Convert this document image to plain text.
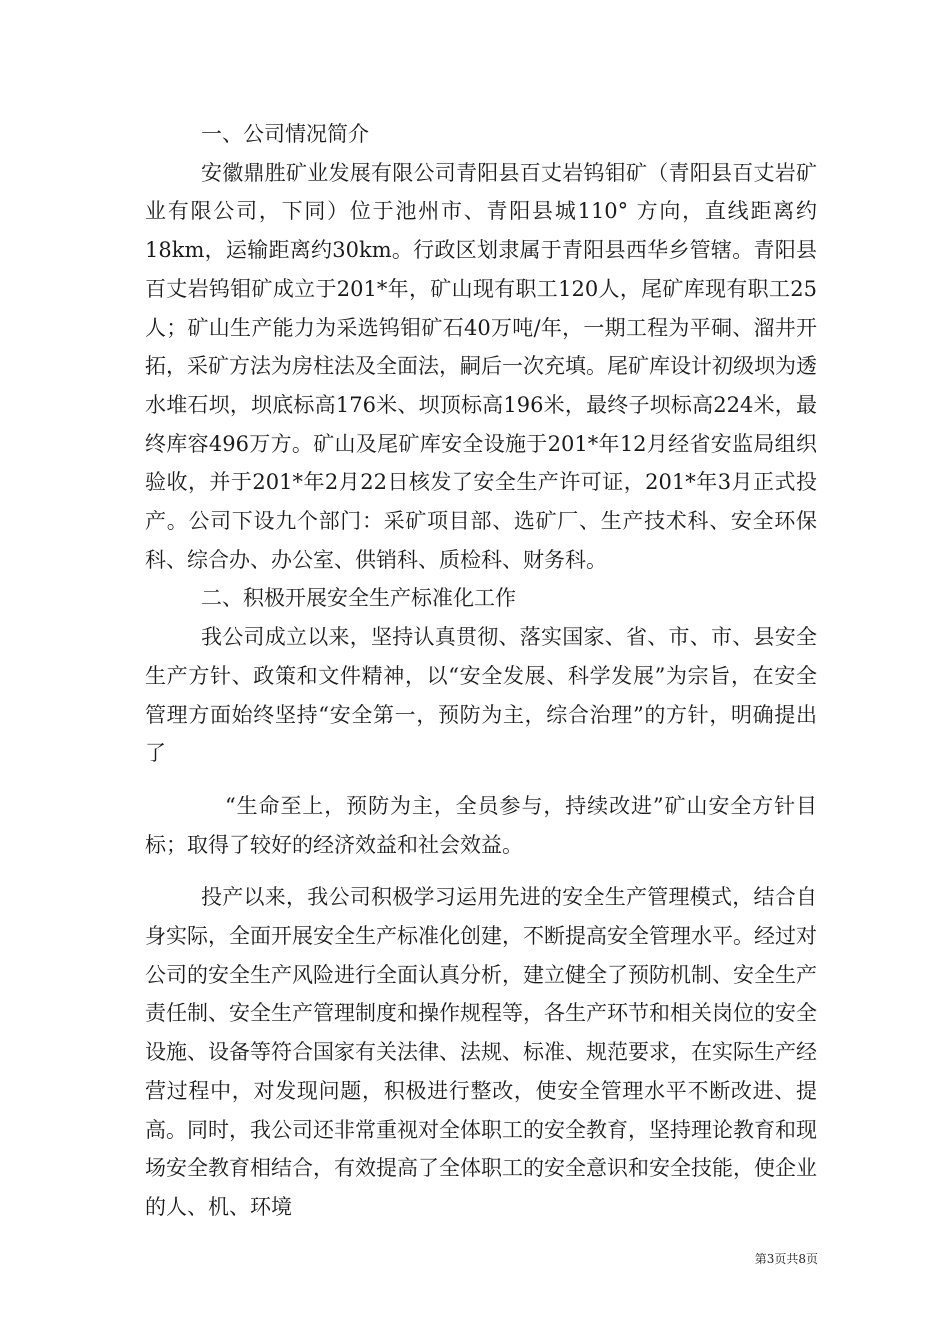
一、公司情况简介

安徽鼎胜矿业发展有限公司青阳县百丈岩钨钼矿（青阳县百丈岩矿业有限公司，下同）位于池州市、青阳县城110° 方向，直线距离约18km，运输距离约30km。行政区划隶属于青阳县西华乡管辖。青阳县百丈岩钨钼矿成立于201*年，矿山现有职工120人，尾矿库现有职工25人；矿山生产能力为采选钨钼矿石40万吨/年，一期工程为平硐、溜井开拓，采矿方法为房柱法及全面法，嗣后一次充填。尾矿库设计初级坝为透水堆石坝，坝底标高176米、坝顶标高196米，最终子坝标高224米，最终库容496万方。矿山及尾矿库安全设施于201*年12月经省安监局组织验收，并于201*年2月22日核发了安全生产许可证，201*年3月正式投产。公司下设九个部门：采矿项目部、选矿厂、生产技术科、安全环保科、综合办、办公室、供销科、质检科、财务科。

二、积极开展安全生产标准化工作

我公司成立以来，坚持认真贯彻、落实国家、省、市、市、县安全生产方针、政策和文件精神，以“安全发展、科学发展”为宗旨，在安全管理方面始终坚持“安全第一，预防为主，综合治理”的方针，明确提出了

“生命至上，预防为主，全员参与，持续改进”矿山安全方针目标；取得了较好的经济效益和社会效益。

投产以来，我公司积极学习运用先进的安全生产管理模式，结合自身实际，全面开展安全生产标准化创建，不断提高安全管理水平。经过对公司的安全生产风险进行全面认真分析，建立健全了预防机制、安全生产责任制、安全生产管理制度和操作规程等，各生产环节和相关岗位的安全设施、设备等符合国家有关法律、法规、标准、规范要求，在实际生产经营过程中，对发现问题，积极进行整改，使安全管理水平不断改进、提高。同时，我公司还非常重视对全体职工的安全教育，坚持理论教育和现场安全教育相结合，有效提高了全体职工的安全意识和安全技能，使企业的人、机、环境

第3页共8页
